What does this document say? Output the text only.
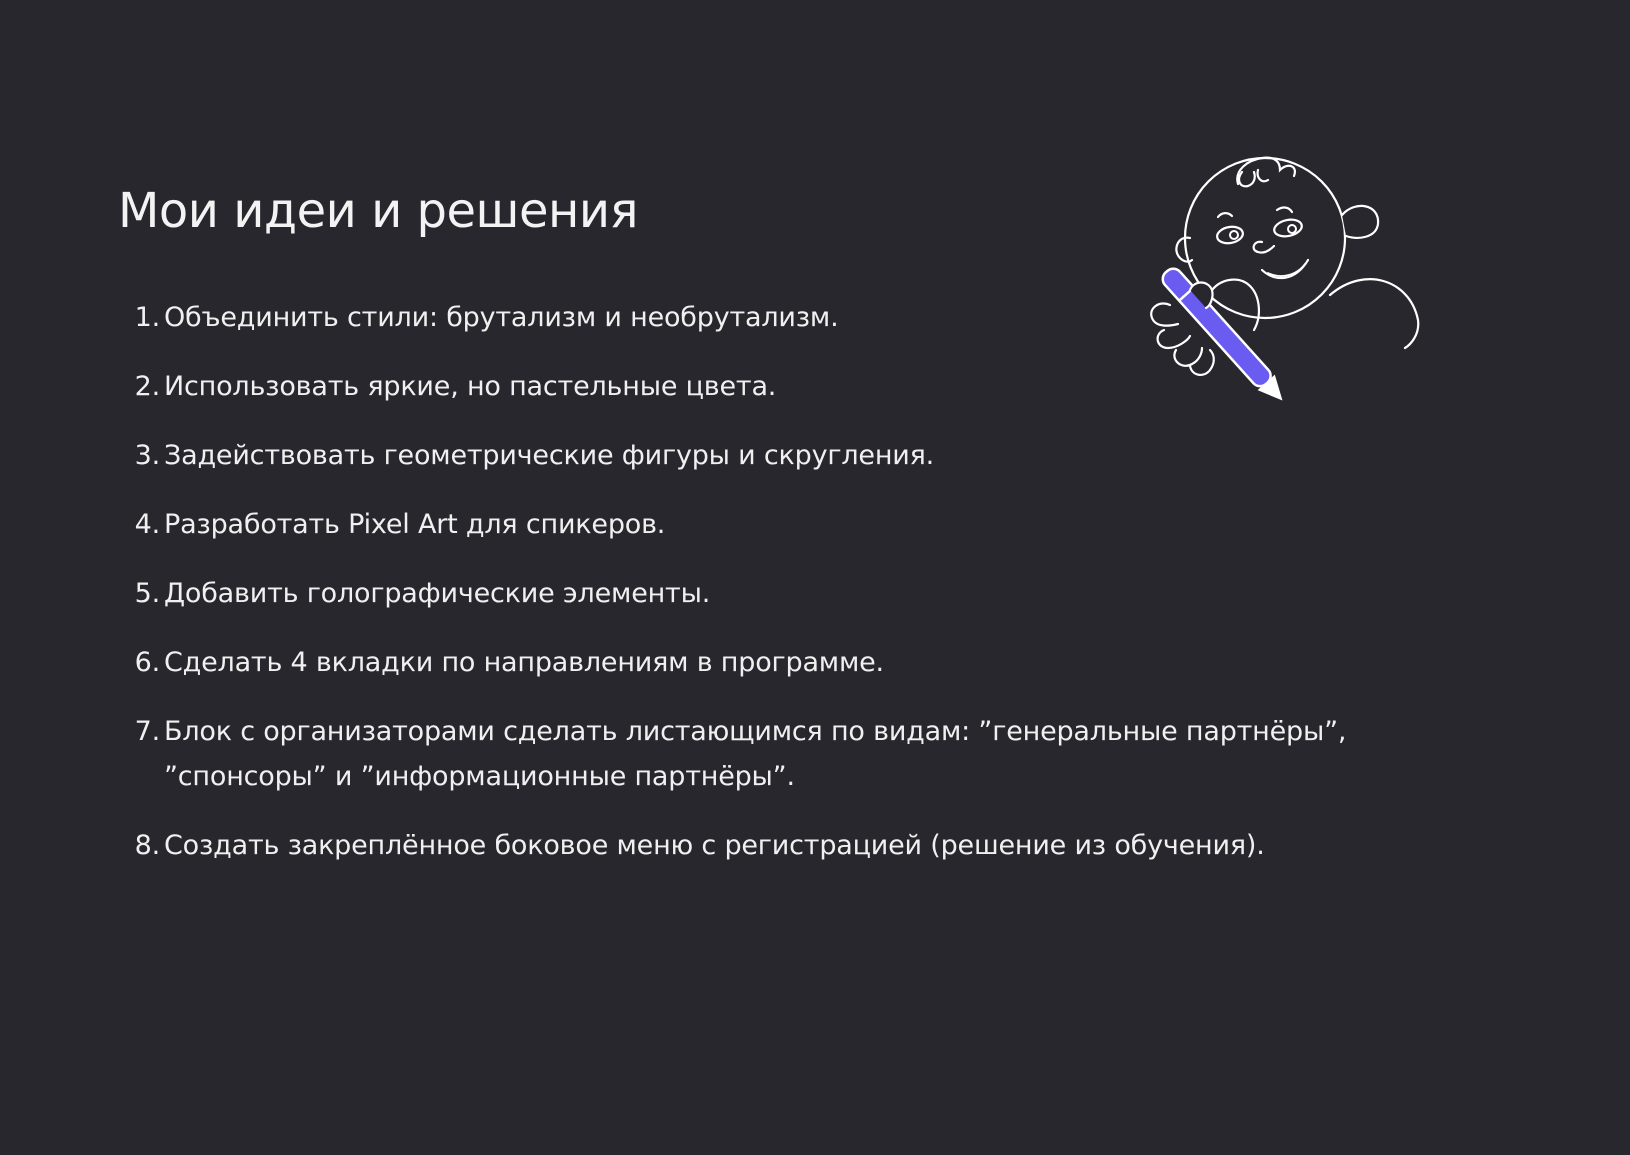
Мои идеи и решения
1. Объединить стили: брутализм и необрутализм.
2. Использовать яркие, но пастельные цвета.
3. Задействовать геометрические фигуры и скругления.
4. Разработать Pixel Art для спикеров.
5. Добавить голографические элементы.
6. Сделать 4 вкладки по направлениям в программе.
7. Блок с организаторами сделать листающимся по видам: ”генеральные партнёры”, ”спонсоры” и ”информационные партнёры”.
8. Создать закреплённое боковое меню с регистрацией (решение из обучения).
